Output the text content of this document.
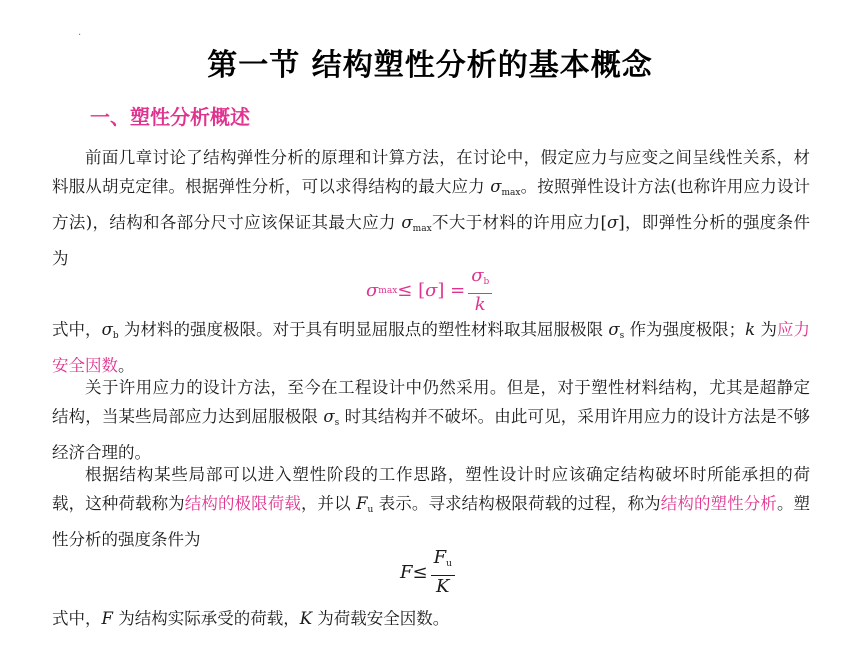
·
第一节 结构塑性分析的基本概念
一、塑性分析概述

前面几章讨论了结构弹性分析的原理和计算方法，在讨论中，假定应力与应变之间呈线性关系，材料服从胡克定律。根据弹性分析，可以求得结构的最大应力 $\sigma_{max}$。按照弹性设计方法(也称许用应力设计方法)，结构和各部分尺寸应该保证其最大应力 $\sigma_{max}$不大于材料的许用应力[σ]，即弹性分析的强度条件为

σ max ≤ [ σ ] = $\frac{\sigma_b}{k}$

式中，$\sigma_b$ 为材料的强度极限。对于具有明显屈服点的塑性材料取其屈服极限 $\sigma_s$ 作为强度极限；k 为应力安全因数。

关于许用应力的设计方法，至今在工程设计中仍然采用。但是，对于塑性材料结构，尤其是超静定结构，当某些局部应力达到屈服极限 $\sigma_s$ 时其结构并不破坏。由此可见，采用许用应力的设计方法是不够经济合理的。

根据结构某些局部可以进入塑性阶段的工作思路，塑性设计时应该确定结构破坏时所能承担的荷载，这种荷载称为结构的极限荷载，并以 $F_u$ 表示。寻求结构极限荷载的过程，称为结构的塑性分析。塑性分析的强度条件为

$F \le \frac{F_u}{K}$

式中，F 为结构实际承受的荷载，K 为荷载安全因数。
